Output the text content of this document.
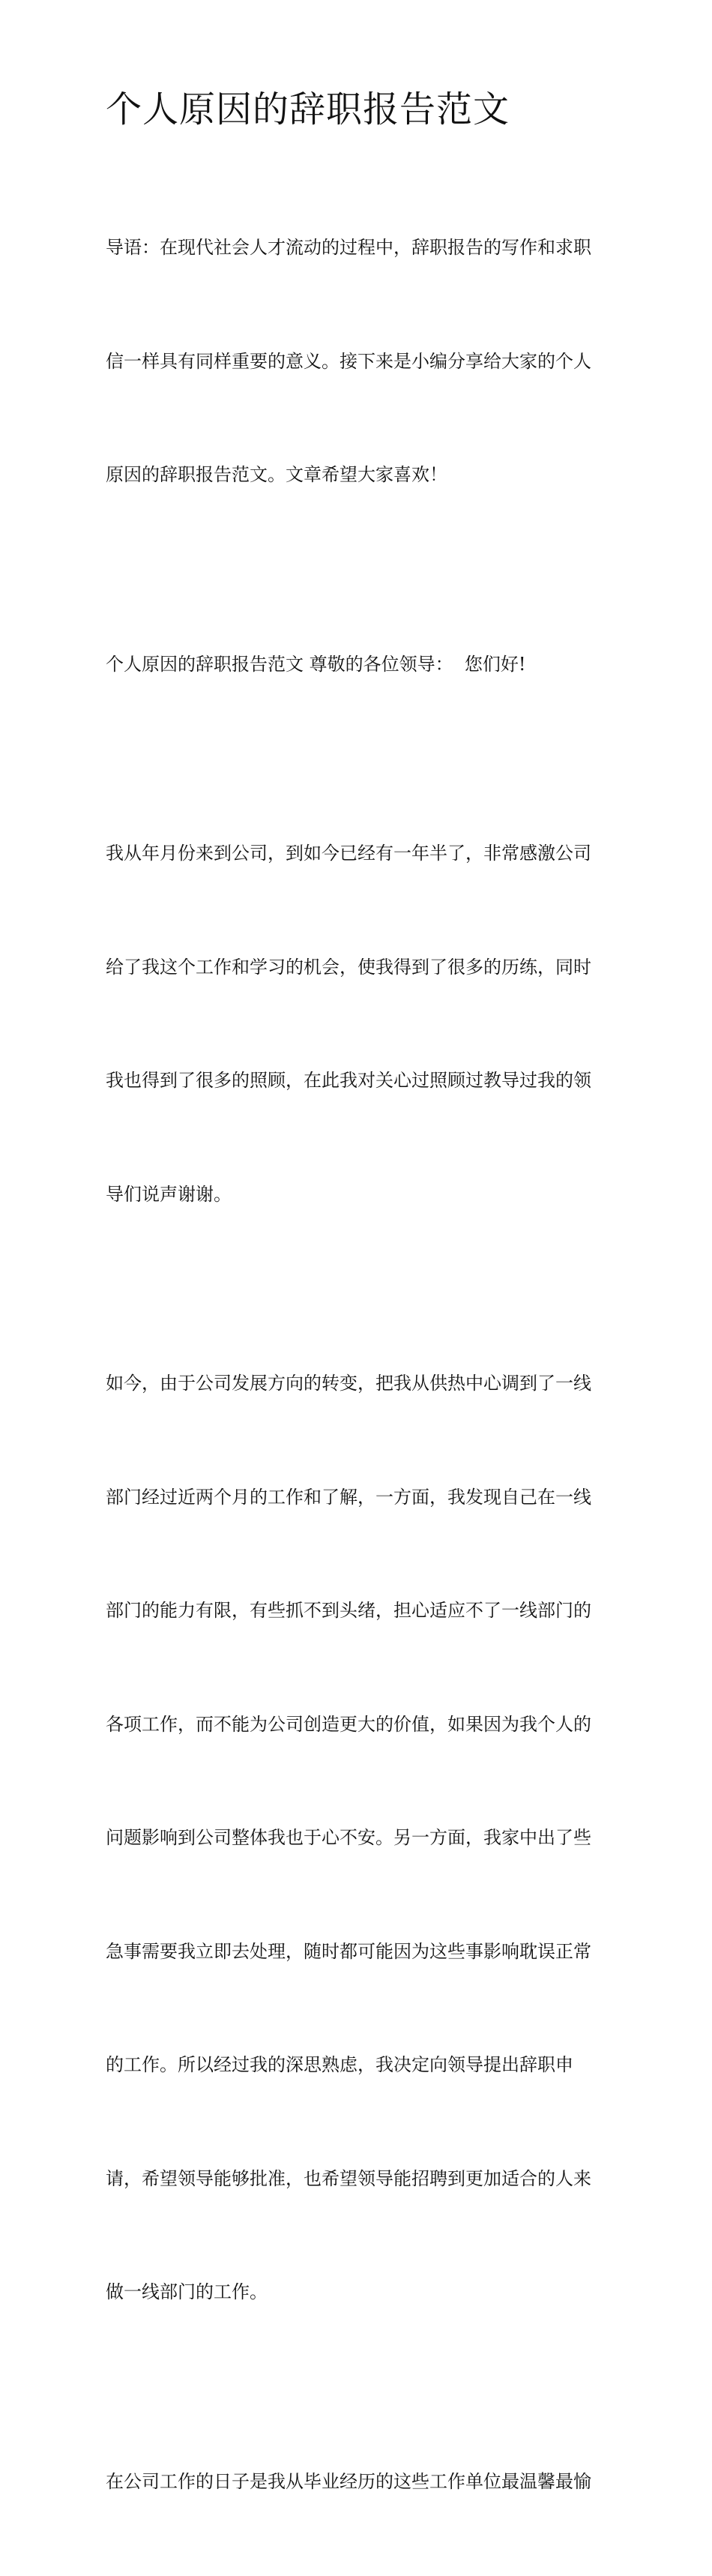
个人原因的辞职报告范文

导语：在现代社会人才流动的过程中，辞职报告的写作和求职

信一样具有同样重要的意义。接下来是小编分享给大家的个人

原因的辞职报告范文。文章希望大家喜欢！

个人原因的辞职报告范文 尊敬的各位领导：  您们好!

我从年月份来到公司，到如今已经有一年半了，非常感激公司

给了我这个工作和学习的机会，使我得到了很多的历练，同时

我也得到了很多的照顾，在此我对关心过照顾过教导过我的领

导们说声谢谢。

如今，由于公司发展方向的转变，把我从供热中心调到了一线

部门经过近两个月的工作和了解，一方面，我发现自己在一线

部门的能力有限，有些抓不到头绪，担心适应不了一线部门的

各项工作，而不能为公司创造更大的价值，如果因为我个人的

问题影响到公司整体我也于心不安。另一方面，我家中出了些

急事需要我立即去处理，随时都可能因为这些事影响耽误正常

的工作。所以经过我的深思熟虑，我决定向领导提出辞职申

请，希望领导能够批准，也希望领导能招聘到更加适合的人来

做一线部门的工作。

在公司工作的日子是我从毕业经历的这些工作单位最温馨最愉
